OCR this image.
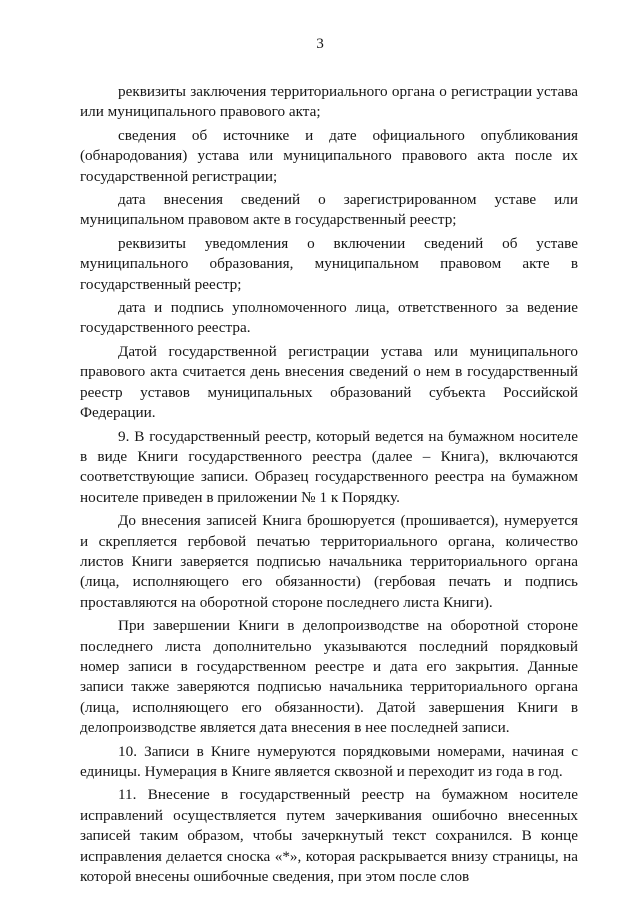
3

реквизиты заключения территориального органа о регистрации устава или муниципального правового акта;

сведения об источнике и дате официального опубликования (обнародования) устава или муниципального правового акта после их государственной регистрации;

дата внесения сведений о зарегистрированном уставе или муниципальном правовом акте в государственный реестр;

реквизиты уведомления о включении сведений об уставе муниципального образования, муниципальном правовом акте в государственный реестр;

дата и подпись уполномоченного лица, ответственного за ведение государственного реестра.

Датой государственной регистрации устава или муниципального правового акта считается день внесения сведений о нем в государственный реестр уставов муниципальных образований субъекта Российской Федерации.

9. В государственный реестр, который ведется на бумажном носителе в виде Книги государственного реестра (далее – Книга), включаются соответствующие записи. Образец государственного реестра на бумажном носителе приведен в приложении № 1 к Порядку.

До внесения записей Книга брошюруется (прошивается), нумеруется и скрепляется гербовой печатью территориального органа, количество листов Книги заверяется подписью начальника территориального органа (лица, исполняющего его обязанности) (гербовая печать и подпись проставляются на оборотной стороне последнего листа Книги).

При завершении Книги в делопроизводстве на оборотной стороне последнего листа дополнительно указываются последний порядковый номер записи в государственном реестре и дата его закрытия. Данные записи также заверяются подписью начальника территориального органа (лица, исполняющего его обязанности). Датой завершения Книги в делопроизводстве является дата внесения в нее последней записи.

10. Записи в Книге нумеруются порядковыми номерами, начиная с единицы. Нумерация в Книге является сквозной и переходит из года в год.

11. Внесение в государственный реестр на бумажном носителе исправлений осуществляется путем зачеркивания ошибочно внесенных записей таким образом, чтобы зачеркнутый текст сохранился. В конце исправления делается сноска «*», которая раскрывается внизу страницы, на которой внесены ошибочные сведения, при этом после слов
